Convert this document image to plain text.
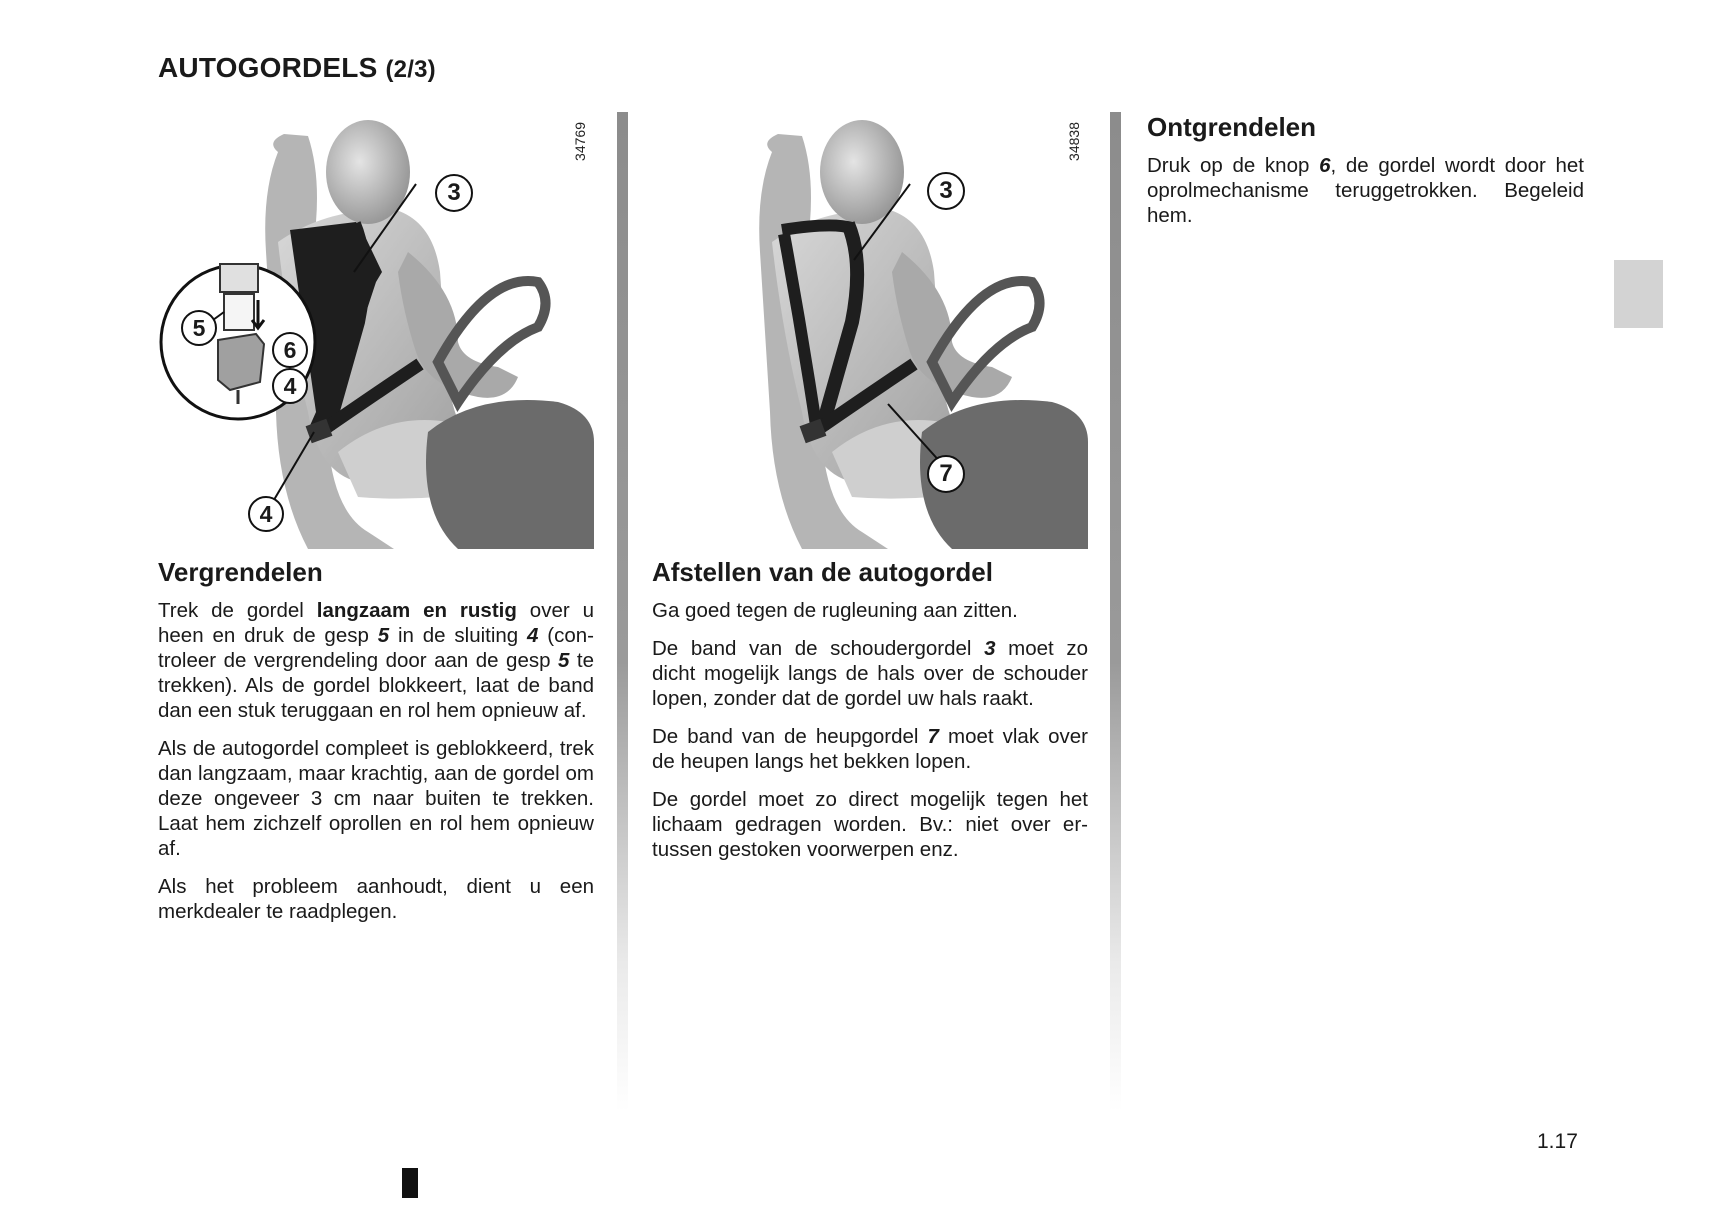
AUTOGORDELS (2/3)
34769
3
5
6
4
4
Vergrendelen

Trek de gordel langzaam en rustig over u heen en druk de gesp 5 in de sluiting 4 (controleer de vergrendeling door aan de gesp 5 te trekken). Als de gordel blokkeert, laat de band dan een stuk teruggaan en rol hem opnieuw af.

Als de autogordel compleet is geblokkeerd, trek dan langzaam, maar krachtig, aan de gordel om deze ongeveer 3 cm naar buiten te trekken. Laat hem zichzelf oprollen en rol hem opnieuw af.

Als het probleem aanhoudt, dient u een merkdealer te raadplegen.

34838
3
7
Afstellen van de autogordel

Ga goed tegen de rugleuning aan zitten.

De band van de schoudergordel 3 moet zo dicht mogelijk langs de hals over de schouder lopen, zonder dat de gordel uw hals raakt.

De band van de heupgordel 7 moet vlak over de heupen langs het bekken lopen.

De gordel moet zo direct mogelijk tegen het lichaam gedragen worden. Bv.: niet over ertussen gestoken voorwerpen enz.

Ontgrendelen

Druk op de knop 6, de gordel wordt door het oprolmechanisme teruggetrokken. Begeleid hem.

1.17
